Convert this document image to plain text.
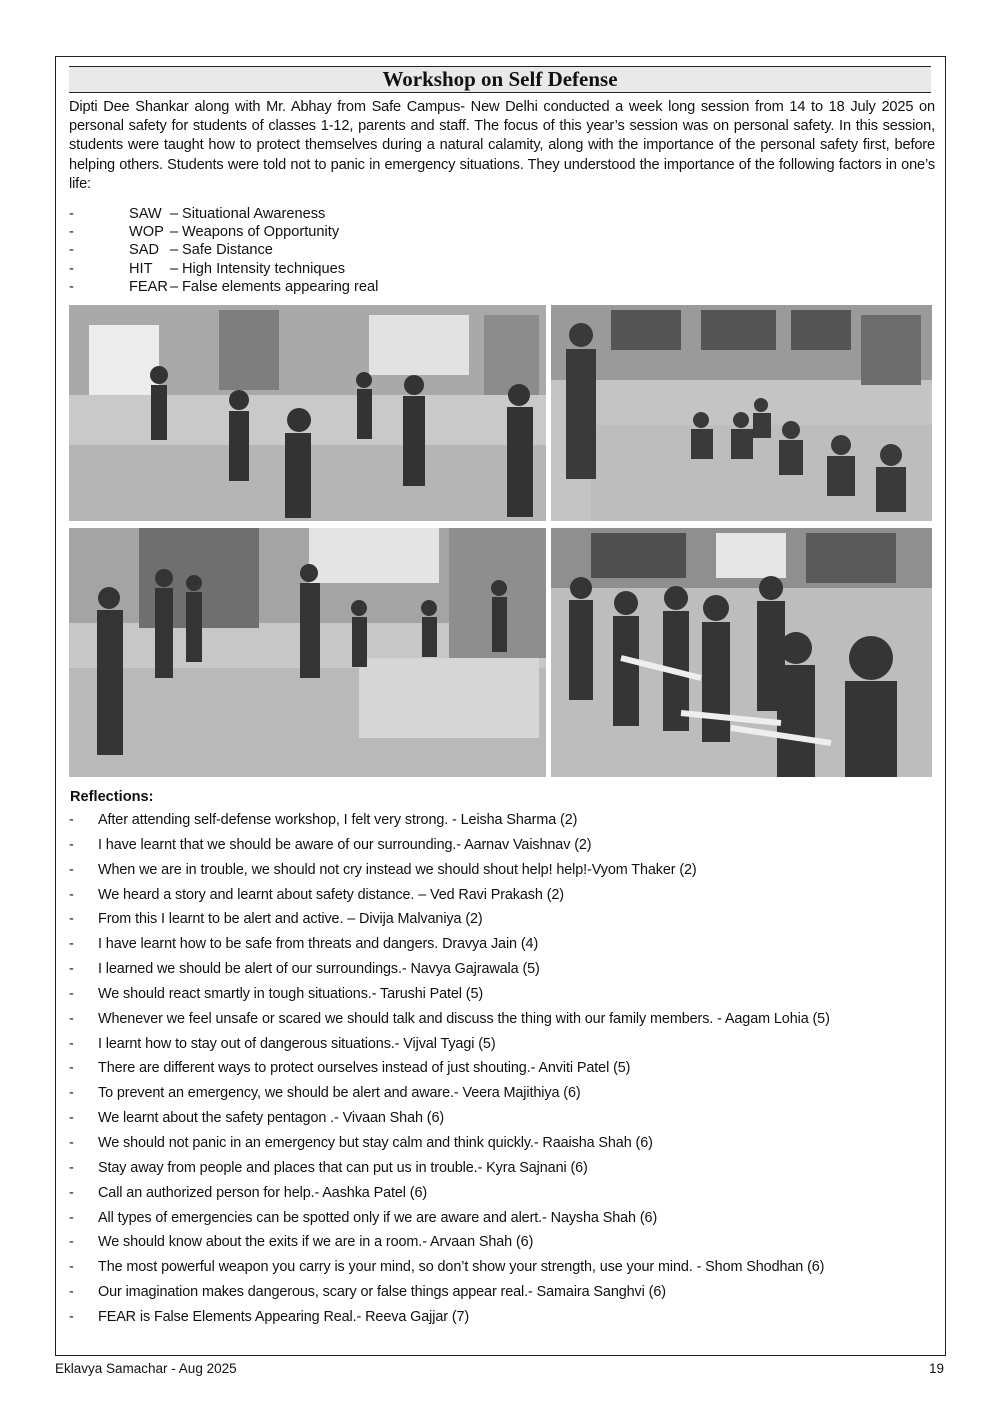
Workshop on Self Defense

Dipti Dee Shankar along with Mr. Abhay from Safe Campus- New Delhi conducted a week long session from 14 to 18 July 2025 on personal safety for students of classes 1-12, parents and staff. The focus of this year’s session was on personal safety. In this session, students were taught how to protect themselves during a natural calamity, along with the importance of the personal safety first, before helping others. Students were told not to panic in emergency situations. They understood the importance of the following factors in one’s life:

-	SAW – Situational Awareness
-	WOP – Weapons of Opportunity
-	SAD – Safe Distance
-	HIT – High Intensity techniques
-	FEAR – False elements appearing real
Reflections:
- After attending self-defense workshop, I felt very strong. - Leisha Sharma (2)
- I have learnt that we should be aware of our surrounding.- Aarnav Vaishnav (2)
- When we are in trouble, we should not cry instead we should shout help! help!-Vyom Thaker (2)
- We heard a story and learnt about safety distance. – Ved Ravi Prakash (2)
- From this I learnt to be alert and active. – Divija Malvaniya (2)
- I have learnt how to be safe from threats and dangers. Dravya Jain (4)
- I learned we should be alert of our surroundings.- Navya Gajrawala (5)
- We should react smartly in tough situations.- Tarushi Patel (5)
- Whenever we feel unsafe or scared we should talk and discuss the thing with our family members. - Aagam Lohia (5)
- I learnt how to stay out of dangerous situations.- Vijval Tyagi (5)
- There are different ways to protect ourselves instead of just shouting.- Anviti Patel (5)
- To prevent an emergency, we should be alert and aware.- Veera Majithiya (6)
- We learnt about the safety pentagon .- Vivaan Shah (6)
- We should not panic in an emergency but stay calm and think quickly.- Raaisha Shah (6)
- Stay away from people and places that can put us in trouble.- Kyra Sajnani (6)
- Call an authorized person for help.- Aashka Patel (6)
- All types of emergencies can be spotted only if we are aware and alert.- Naysha Shah (6)
- We should know about the exits if we are in a room.- Arvaan Shah (6)
- The most powerful weapon you carry is your mind, so don’t show your strength, use your mind. - Shom Shodhan (6)
- Our imagination makes dangerous, scary or false things appear real.- Samaira Sanghvi (6)
- FEAR is False Elements Appearing Real.- Reeva Gajjar (7)
Eklavya Samachar - Aug 2025	19
